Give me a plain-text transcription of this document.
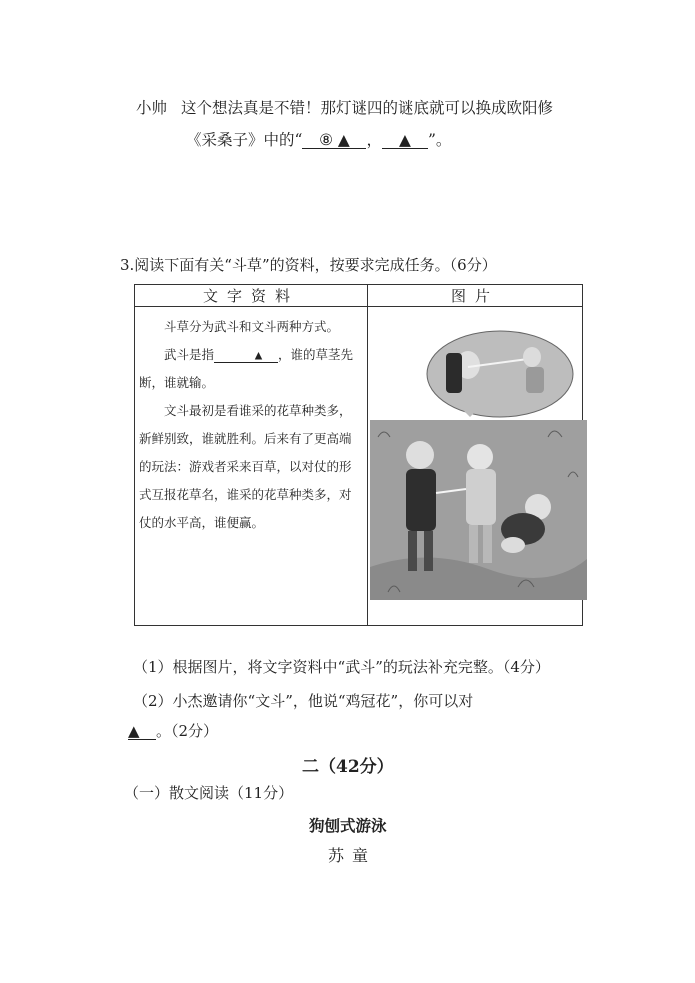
小帅 这个想法真是不错！那灯谜四的谜底就可以换成欧阳修
《采桑子》中的“ ⑧ ▲ ， ▲ ”。
3.阅读下面有关“斗草”的资料，按要求完成任务。（6分）
文字资料	图片

斗草分为武斗和文斗两种方式。

武斗是指 ▲ ，谁的草茎先断，谁就输。

文斗最初是看谁采的花草种类多，新鲜别致，谁就胜利。后来有了更高端的玩法：游戏者采来百草，以对仗的形式互报花草名，谁采的花草种类多，对仗的水平高，谁便赢。

（1）根据图片，将文字资料中“武斗”的玩法补充完整。（4分）
（2）小杰邀请你“文斗”，他说“鸡冠花”，你可以对
▲ 。（2分）
二（42分）
（一）散文阅读（11分）
狗刨式游泳
苏童
